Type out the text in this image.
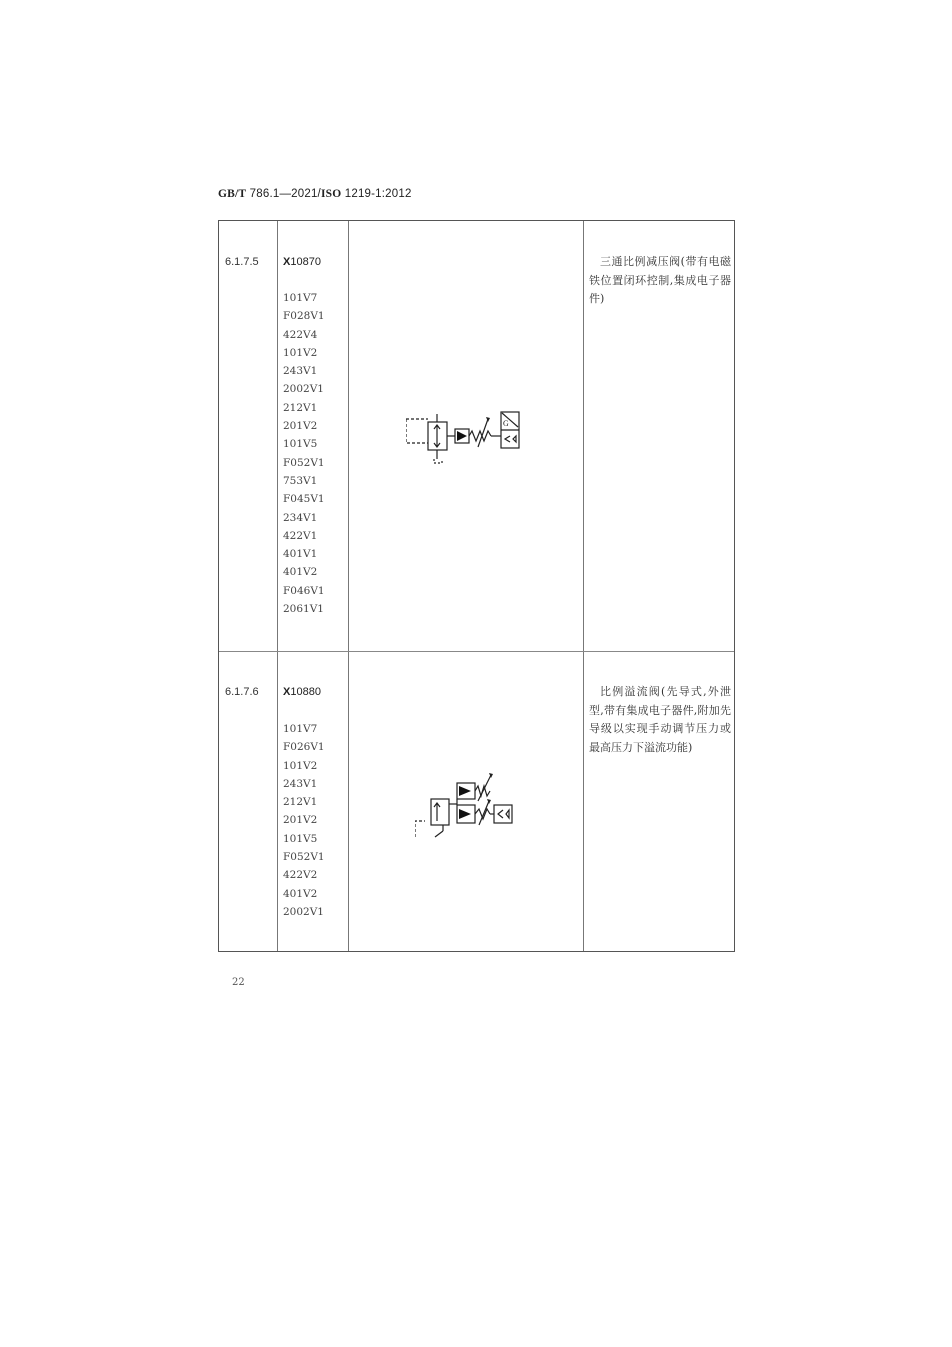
GB/T 786.1—2021/ISO 1219-1:2012
6.1.7.5 X10870
101V7
F028V1
422V4
101V2
243V1
2002V1
212V1
201V2
101V5
F052V1
753V1
F045V1
234V1
422V1
401V1
401V2
F046V1
2061V1
G
三通比例减压阀(带有电磁铁位置闭环控制,集成电子器件)
6.1.7.6 X10880
101V7
F026V1
101V2
243V1
212V1
201V2
101V5
F052V1
422V2
401V2
2002V1
比例溢流阀(先导式,外泄型,带有集成电子器件,附加先导级以实现手动调节压力或最高压力下溢流功能)
22
